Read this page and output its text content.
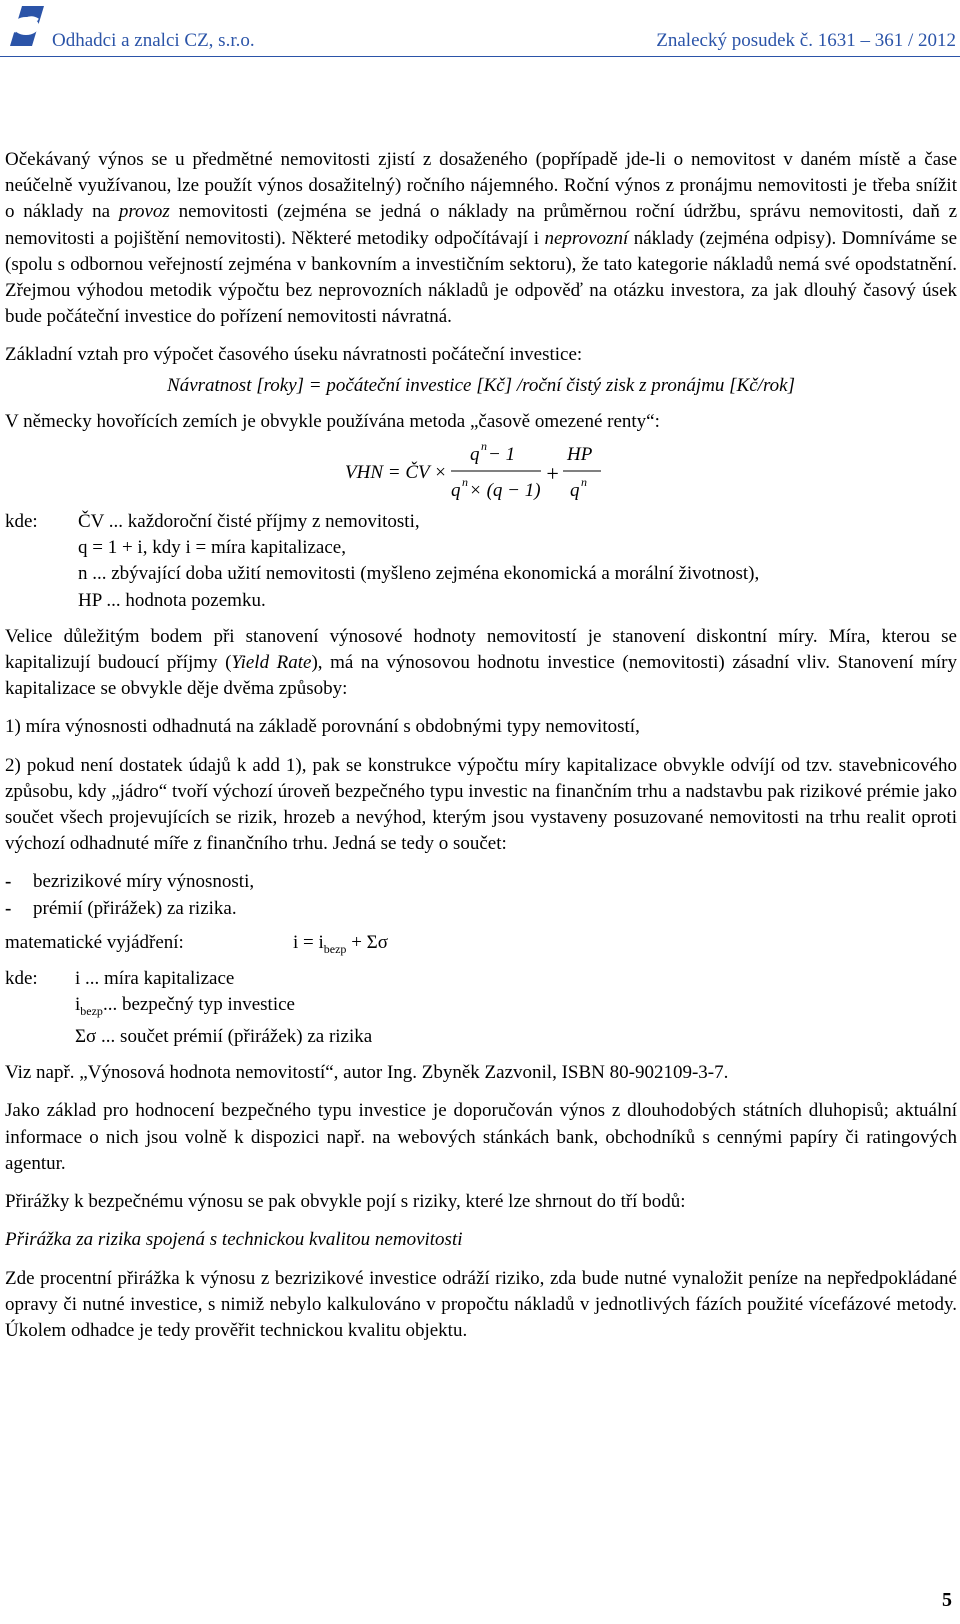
Odhadci a znalci CZ, s.r.o.	Znalecký posudek č. 1631 – 361 / 2012

Očekávaný výnos se u předmětné nemovitosti zjistí z dosaženého (popřípadě jde-li o nemovitost v daném místě a čase neúčelně využívanou, lze použít výnos dosažitelný) ročního nájemného. Roční výnos z pronájmu nemovitosti je třeba snížit o náklady na provoz nemovitosti (zejména se jedná o náklady na průměrnou roční údržbu, správu nemovitosti, daň z nemovitosti a pojištění nemovitosti). Některé metodiky odpočítávají i neprovozní náklady (zejména odpisy). Domníváme se (spolu s odbornou veřejností zejména v bankovním a investičním sektoru), že tato kategorie nákladů nemá své opodstatnění. Zřejmou výhodou metodik výpočtu bez neprovozních nákladů je odpověď na otázku investora, za jak dlouhý časový úsek bude počáteční investice do pořízení nemovitosti návratná.

Základní vztah pro výpočet časového úseku návratnosti počáteční investice:

Návratnost [roky] = počáteční investice [Kč] /roční čistý zisk z pronájmu [Kč/rok]

V německy hovořících zemích je obvykle používána metoda „časově omezené renty“:

VHN = ČV ×
q n − 1
q n × (q − 1)
+
HP
q n
kde: ČV ... každoroční čisté příjmy z nemovitosti,
q = 1 + i, kdy i = míra kapitalizace,
n ... zbývající doba užití nemovitosti (myšleno zejména ekonomická a morální životnost),
HP ... hodnota pozemku.

Velice důležitým bodem při stanovení výnosové hodnoty nemovitostí je stanovení diskontní míry. Míra, kterou se kapitalizují budoucí příjmy (Yield Rate), má na výnosovou hodnotu investice (nemovitosti) zásadní vliv. Stanovení míry kapitalizace se obvykle děje dvěma způsoby:

1) míra výnosnosti odhadnutá na základě porovnání s obdobnými typy nemovitostí,

2) pokud není dostatek údajů k add 1), pak se konstrukce výpočtu míry kapitalizace obvykle odvíjí od tzv. stavebnicového způsobu, kdy „jádro“ tvoří výchozí úroveň bezpečného typu investic na finančním trhu a nadstavbu pak rizikové prémie jako součet všech projevujících se rizik, hrozeb a nevýhod, kterým jsou vystaveny posuzované nemovitosti na trhu realit oproti výchozí odhadnuté míře z finančního trhu. Jedná se tedy o součet:

- bezrizikové míry výnosnosti,
- prémií (přirážek) za rizika.
matematické vyjádření:	$i = i_{bezp} + \Sigma\sigma$
kde: i ... míra kapitalizace
$i_{bezp}$... bezpečný typ investice
Σσ ... součet prémií (přirážek) za rizika

Viz např. „Výnosová hodnota nemovitostí“, autor Ing. Zbyněk Zazvonil, ISBN 80-902109-3-7.

Jako základ pro hodnocení bezpečného typu investice je doporučován výnos z dlouhodobých státních dluhopisů; aktuální informace o nich jsou volně k dispozici např. na webových stánkách bank, obchodníků s cennými papíry či ratingových agentur.

Přirážky k bezpečnému výnosu se pak obvykle pojí s riziky, které lze shrnout do tří bodů:

Přirážka za rizika spojená s technickou kvalitou nemovitosti

Zde procentní přirážka k výnosu z bezrizikové investice odráží riziko, zda bude nutné vynaložit peníze na nepředpokládané opravy či nutné investice, s nimiž nebylo kalkulováno v propočtu nákladů v jednotlivých fázích použité vícefázové metody. Úkolem odhadce je tedy prověřit technickou kvalitu objektu.

5
